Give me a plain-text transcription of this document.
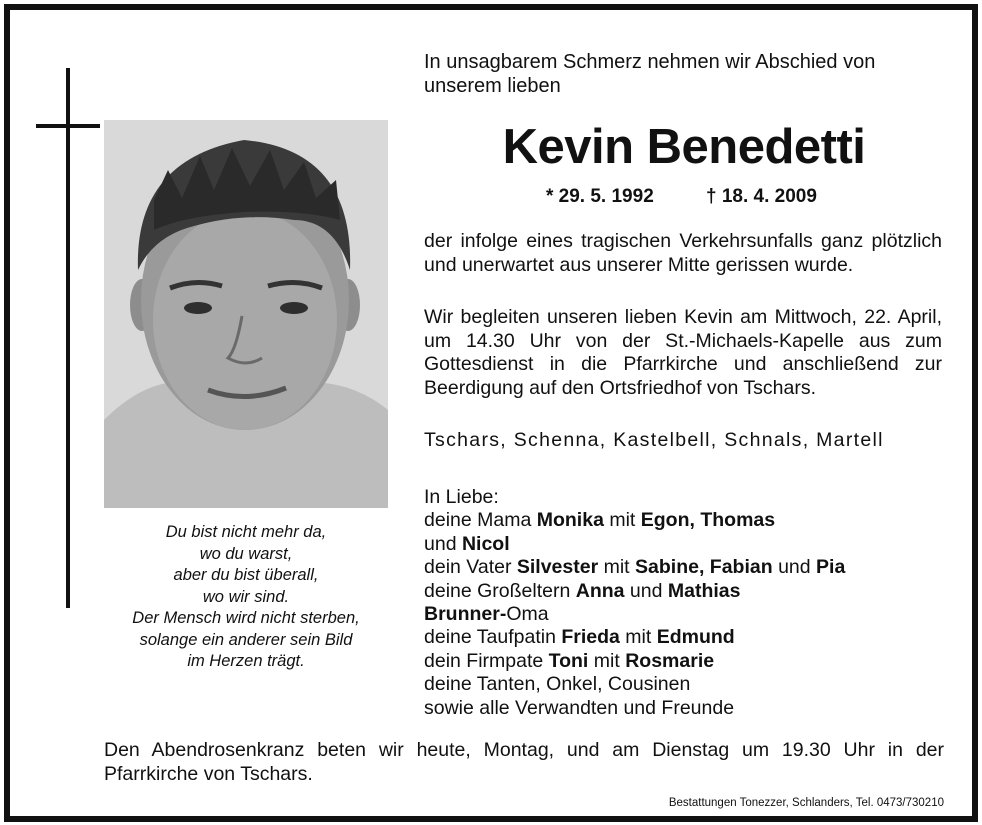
Du bist nicht mehr da,
wo du warst,
aber du bist überall,
wo wir sind.
Der Mensch wird nicht sterben,
solange ein anderer sein Bild
im Herzen trägt.
In unsagbarem Schmerz nehmen wir Abschied von
unserem lieben
Kevin Benedetti
* 29. 5. 1992	† 18. 4. 2009
der infolge eines tragischen Verkehrsunfalls ganz plötzlich und unerwartet aus unserer Mitte gerissen wurde.
Wir begleiten unseren lieben Kevin am Mittwoch, 22. April, um 14.30 Uhr von der St.-Michaels-Kapelle aus zum Gottesdienst in die Pfarrkirche und anschließend zur Beerdigung auf den Ortsfriedhof von Tschars.
Tschars, Schenna, Kastelbell, Schnals, Martell
In Liebe:
deine Mama Monika mit Egon, Thomas
und Nicol
dein Vater Silvester mit Sabine, Fabian und Pia
deine Großeltern Anna und Mathias
Brunner-Oma
deine Taufpatin Frieda mit Edmund
dein Firmpate Toni mit Rosmarie
deine Tanten, Onkel, Cousinen
sowie alle Verwandten und Freunde
Den Abendrosenkranz beten wir heute, Montag, und am Dienstag um 19.30 Uhr in der Pfarrkirche von Tschars.
Bestattungen Tonezzer, Schlanders, Tel. 0473/730210
